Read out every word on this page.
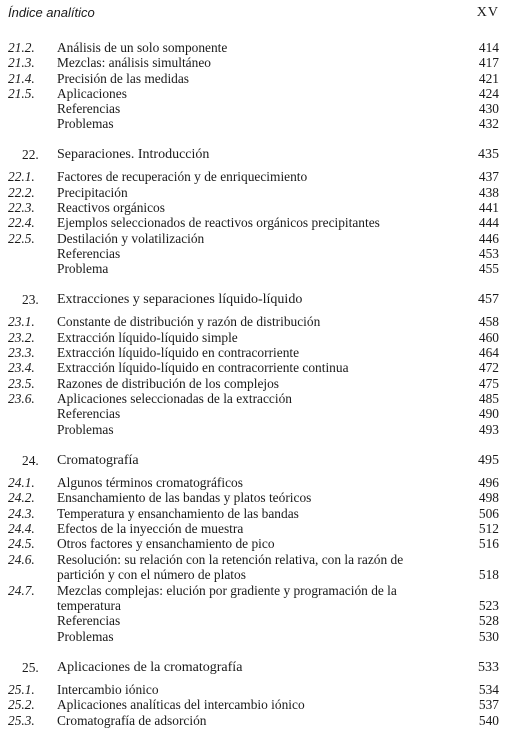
Índice analítico	XV
21.2. Análisis de un solo somponente	414
21.3. Mezclas: análisis simultáneo	417
21.4. Precisión de las medidas	421
21.5. Aplicaciones	424
Referencias	430
Problemas	432
22. Separaciones. Introducción	435
22.1. Factores de recuperación y de enriquecimiento	437
22.2. Precipitación	438
22.3. Reactivos orgánicos	441
22.4. Ejemplos seleccionados de reactivos orgánicos precipitantes	444
22.5. Destilación y volatilización	446
Referencias	453
Problema	455
23. Extracciones y separaciones líquido-líquido	457
23.1. Constante de distribución y razón de distribución	458
23.2. Extracción líquido-líquido simple	460
23.3. Extracción líquido-líquido en contracorriente	464
23.4. Extracción líquido-líquido en contracorriente continua	472
23.5. Razones de distribución de los complejos	475
23.6. Aplicaciones seleccionadas de la extracción	485
Referencias	490
Problemas	493
24. Cromatografía	495
24.1. Algunos términos cromatográficos	496
24.2. Ensanchamiento de las bandas y platos teóricos	498
24.3. Temperatura y ensanchamiento de las bandas	506
24.4. Efectos de la inyección de muestra	512
24.5. Otros factores y ensanchamiento de pico	516
24.6. Resolución: su relación con la retención relativa, con la razón de
partición y con el número de platos	518
24.7. Mezclas complejas: elución por gradiente y programación de la
temperatura	523
Referencias	528
Problemas	530
25. Aplicaciones de la cromatografía	533
25.1. Intercambio iónico	534
25.2. Aplicaciones analíticas del intercambio iónico	537
25.3. Cromatografía de adsorción	540
